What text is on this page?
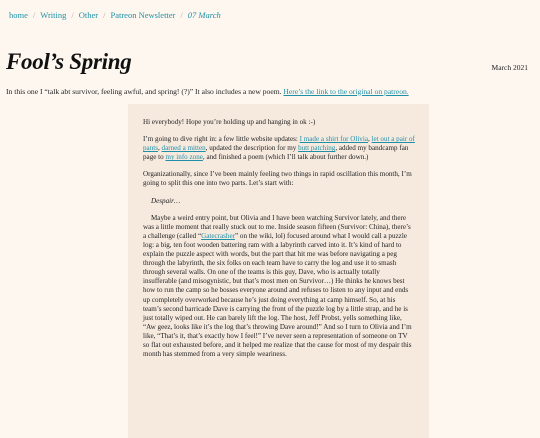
home / Writing / Other / Patreon Newsletter / 07 March
Fool’s Spring	March 2021

In this one I “talk abt survivor, feeling awful, and spring! (?)” It also includes a new poem. Here’s the link to the original on patreon.

Hi everybody! Hope you’re holding up and hanging in ok :-)

I’m going to dive right in: a few little website updates: I made a shirt for Olivia, let out a pair of pants, darned a mitten, updated the description for my butt patching, added my bandcamp fan page to my info zone, and finished a poem (which I’ll talk about further down.)

Organizationally, since I’ve been mainly feeling two things in rapid oscillation this month, I’m going to split this one into two parts. Let’s start with:

Despair…

Maybe a weird entry point, but Olivia and I have been watching Survivor lately, and there was a little moment that really stuck out to me. Inside season fifteen (Survivor: China), there’s a challenge (called “Gatecrasher” on the wiki, lol) focused around what I would call a puzzle log: a big, ten foot wooden battering ram with a labyrinth carved into it. It’s kind of hard to explain the puzzle aspect with words, but the part that hit me was before navigating a peg through the labyrinth, the six folks on each team have to carry the log and use it to smash through several walls. On one of the teams is this guy, Dave, who is actually totally insufferable (and misogynistic, but that’s most men on Survivor…) He thinks he knows best how to run the camp so he bosses everyone around and refuses to listen to any input and ends up completely overworked because he’s just doing everything at camp himself. So, at his team’s second barricade Dave is carrying the front of the puzzle log by a little strap, and he is just totally wiped out. He can barely lift the log. The host, Jeff Probst, yells something like, “Aw geez, looks like it’s the log that’s throwing Dave around!” And so I turn to Olivia and I’m like, “That’s it, that’s exactly how I feel!” I’ve never seen a representation of someone on TV so flat out exhausted before, and it helped me realize that the cause for most of my despair this month has stemmed from a very simple weariness.
